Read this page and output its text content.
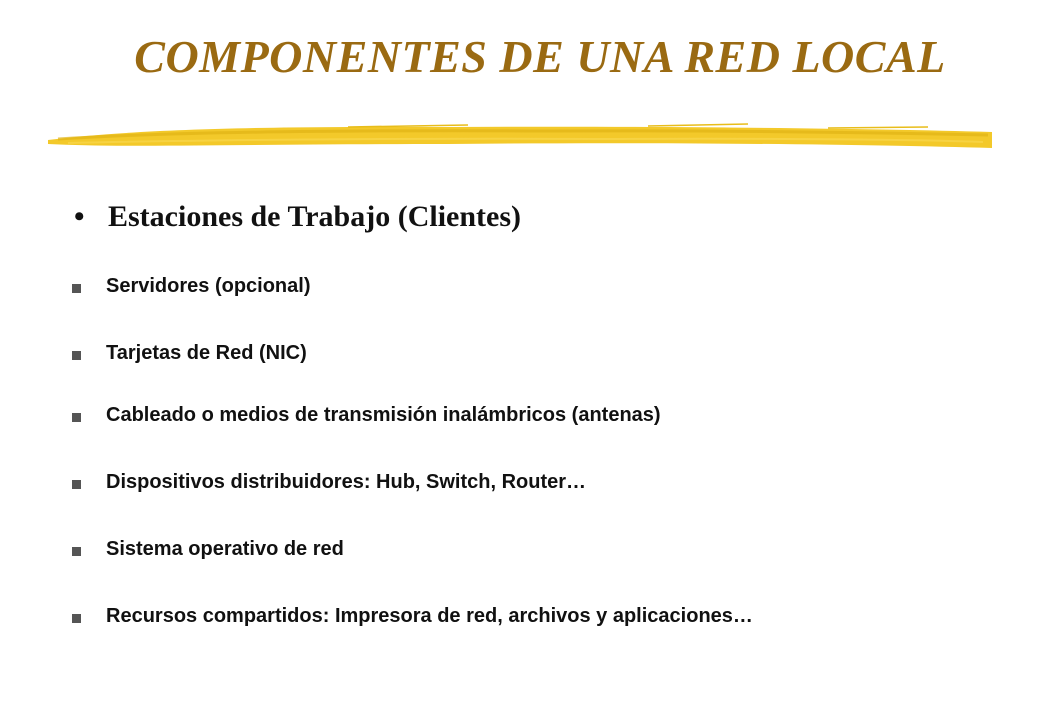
COMPONENTES DE UNA RED LOCAL
• Estaciones de Trabajo (Clientes)
Servidores (opcional)
Tarjetas de Red (NIC)
Cableado o medios de transmisión inalámbricos (antenas)
Dispositivos distribuidores: Hub, Switch, Router…
Sistema operativo de red
Recursos compartidos: Impresora de red, archivos y aplicaciones…
